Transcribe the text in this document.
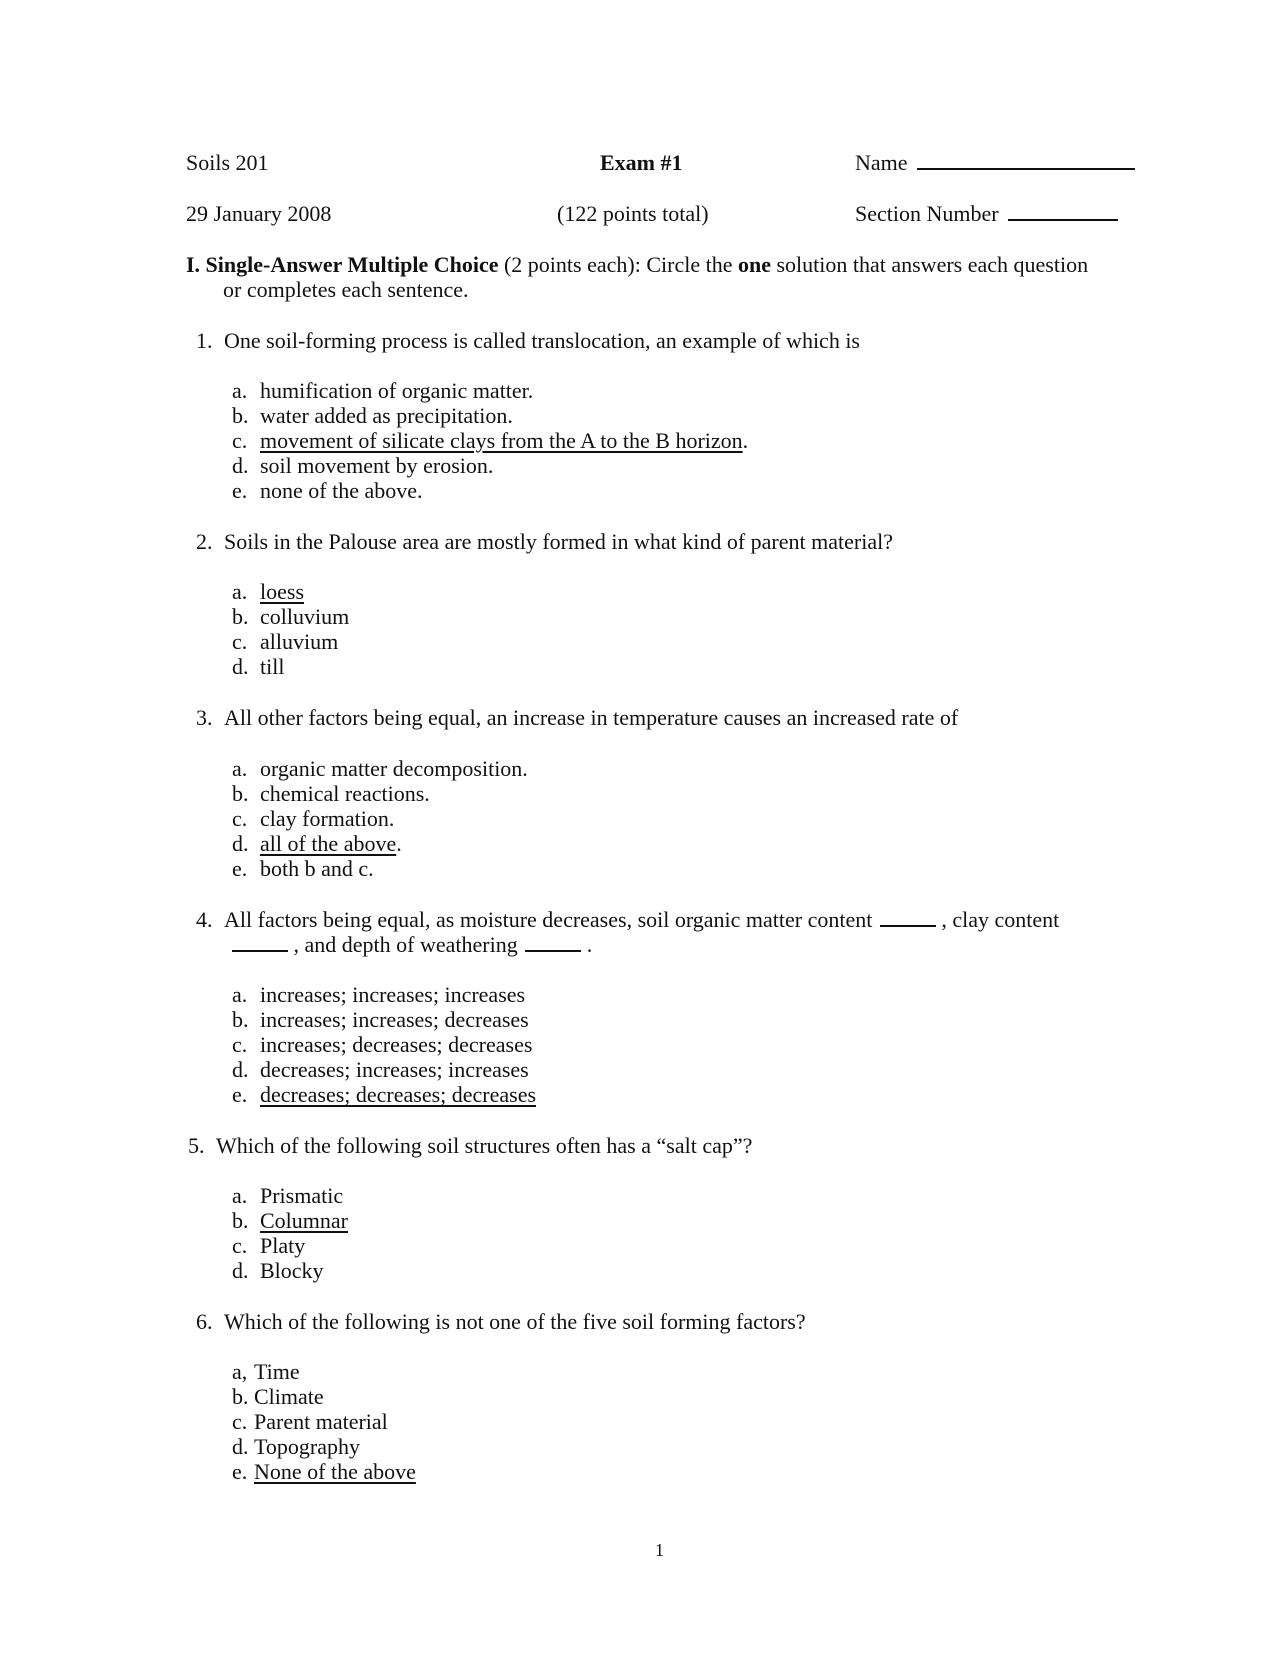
Soils 201	Exam #1	Name
29 January 2008	(122 points total)	Section Number
I. Single-Answer Multiple Choice (2 points each): Circle the one solution that answers each question
or completes each sentence.
1. One soil-forming process is called translocation, an example of which is
a. humification of organic matter.
b. water added as precipitation.
c. movement of silicate clays from the A to the B horizon.
d. soil movement by erosion.
e. none of the above.
2. Soils in the Palouse area are mostly formed in what kind of parent material?
a. loess
b. colluvium
c. alluvium
d. till
3. All other factors being equal, an increase in temperature causes an increased rate of
a. organic matter decomposition.
b. chemical reactions.
c. clay formation.
d. all of the above.
e. both b and c.
4. All factors being equal, as moisture decreases, soil organic matter content	, clay content
, and depth of weathering	.
a. increases; increases; increases
b. increases; increases; decreases
c. increases; decreases; decreases
d. decreases; increases; increases
e. decreases; decreases; decreases
5. Which of the following soil structures often has a “salt cap”?
a. Prismatic
b. Columnar
c. Platy
d. Blocky
6. Which of the following is not one of the five soil forming factors?
a, Time
b. Climate
c. Parent material
d. Topography
e. None of the above
1
